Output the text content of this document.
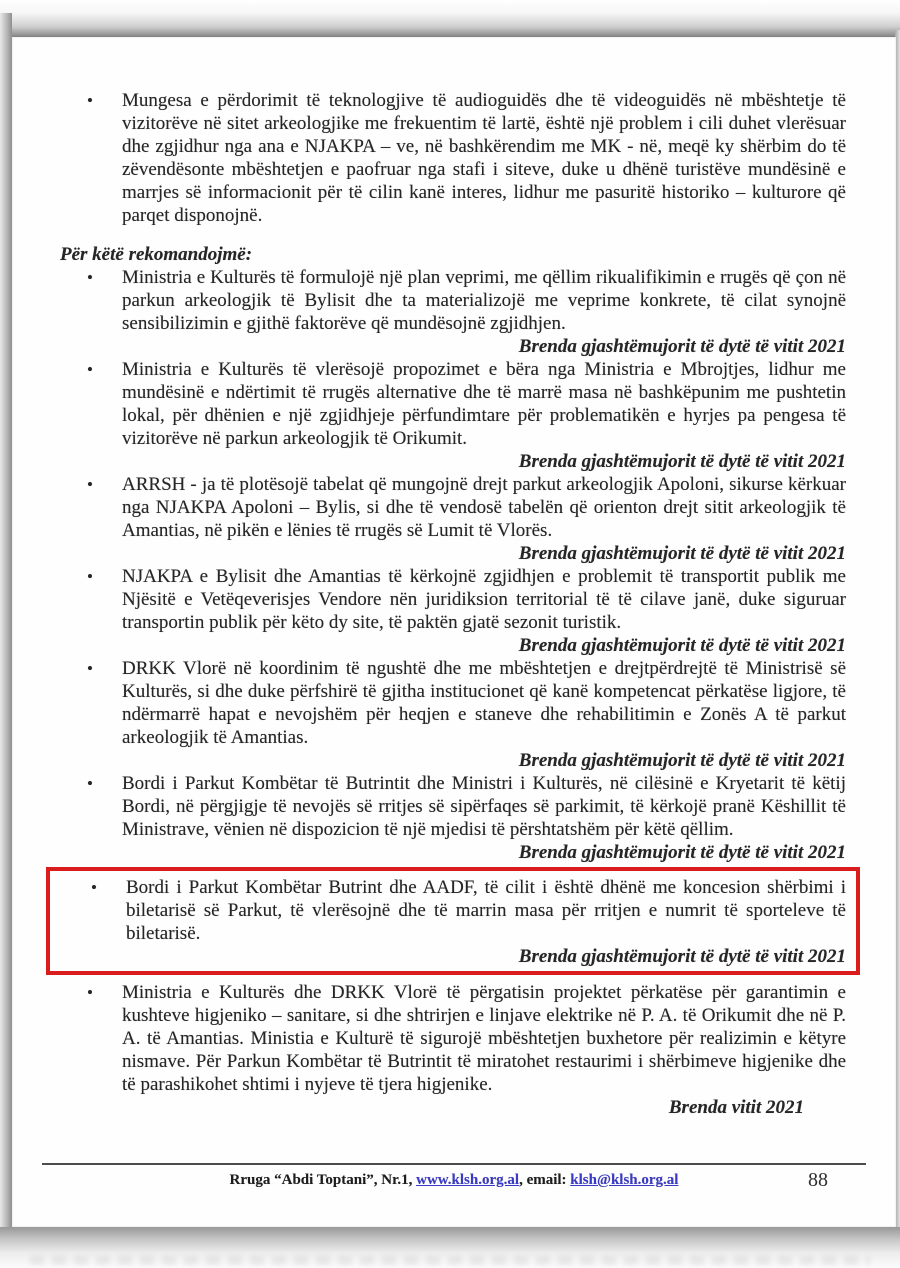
• Mungesa e përdorimit të teknologjive të audioguidës dhe të videoguidës në mbështetje të vizitorëve në sitet arkeologjike me frekuentim të lartë, është një problem i cili duhet vlerësuar dhe zgjidhur nga ana e NJAKPA – ve, në bashkërendim me MK - në, meqë ky shërbim do të zëvendësonte mbështetjen e paofruar nga stafi i siteve, duke u dhënë turistëve mundësinë e marrjes së informacionit për të cilin kanë interes, lidhur me pasuritë historiko – kulturore që parqet disponojnë.
Për këtë rekomandojmë:
• Ministria e Kulturës të formulojë një plan veprimi, me qëllim rikualifikimin e rrugës që çon në parkun arkeologjik të Bylisit dhe ta materializojë me veprime konkrete, të cilat synojnë sensibilizimin e gjithë faktorëve që mundësojnë zgjidhjen.
Brenda gjashtëmujorit të dytë të vitit 2021
• Ministria e Kulturës të vlerësojë propozimet e bëra nga Ministria e Mbrojtjes, lidhur me mundësinë e ndërtimit të rrugës alternative dhe të marrë masa në bashkëpunim me pushtetin lokal, për dhënien e një zgjidhjeje përfundimtare për problematikën e hyrjes pa pengesa të vizitorëve në parkun arkeologjik të Orikumit.
Brenda gjashtëmujorit të dytë të vitit 2021
• ARRSH - ja të plotësojë tabelat që mungojnë drejt parkut arkeologjik Apoloni, sikurse kërkuar nga NJAKPA Apoloni – Bylis, si dhe të vendosë tabelën që orienton drejt sitit arkeologjik të Amantias, në pikën e lënies të rrugës së Lumit të Vlorës.
Brenda gjashtëmujorit të dytë të vitit 2021
• NJAKPA e Bylisit dhe Amantias të kërkojnë zgjidhjen e problemit të transportit publik me Njësitë e Vetëqeverisjes Vendore nën juridiksion territorial të të cilave janë, duke siguruar transportin publik për këto dy site, të paktën gjatë sezonit turistik.
Brenda gjashtëmujorit të dytë të vitit 2021
• DRKK Vlorë në koordinim të ngushtë dhe me mbështetjen e drejtpërdrejtë të Ministrisë së Kulturës, si dhe duke përfshirë të gjitha institucionet që kanë kompetencat përkatëse ligjore, të ndërmarrë hapat e nevojshëm për heqjen e staneve dhe rehabilitimin e Zonës A të parkut arkeologjik të Amantias.
Brenda gjashtëmujorit të dytë të vitit 2021
• Bordi i Parkut Kombëtar të Butrintit dhe Ministri i Kulturës, në cilësinë e Kryetarit të këtij Bordi, në përgjigje të nevojës së rritjes së sipërfaqes së parkimit, të kërkojë pranë Këshillit të Ministrave, vënien në dispozicion të një mjedisi të përshtatshëm për këtë qëllim.
Brenda gjashtëmujorit të dytë të vitit 2021
• Bordi i Parkut Kombëtar Butrint dhe AADF, të cilit i është dhënë me koncesion shërbimi i biletarisë së Parkut, të vlerësojnë dhe të marrin masa për rritjen e numrit të sporteleve të biletarisë.
Brenda gjashtëmujorit të dytë të vitit 2021
• Ministria e Kulturës dhe DRKK Vlorë të përgatisin projektet përkatëse për garantimin e kushteve higjeniko – sanitare, si dhe shtrirjen e linjave elektrike në P. A. të Orikumit dhe në P. A. të Amantias. Ministia e Kulturë të sigurojë mbështetjen buxhetore për realizimin e këtyre nismave. Për Parkun Kombëtar të Butrintit të miratohet restaurimi i shërbimeve higjenike dhe të parashikohet shtimi i nyjeve të tjera higjenike.
Brenda vitit 2021
Rruga “Abdi Toptani”, Nr.1, www.klsh.org.al, email: klsh@klsh.org.al	88
